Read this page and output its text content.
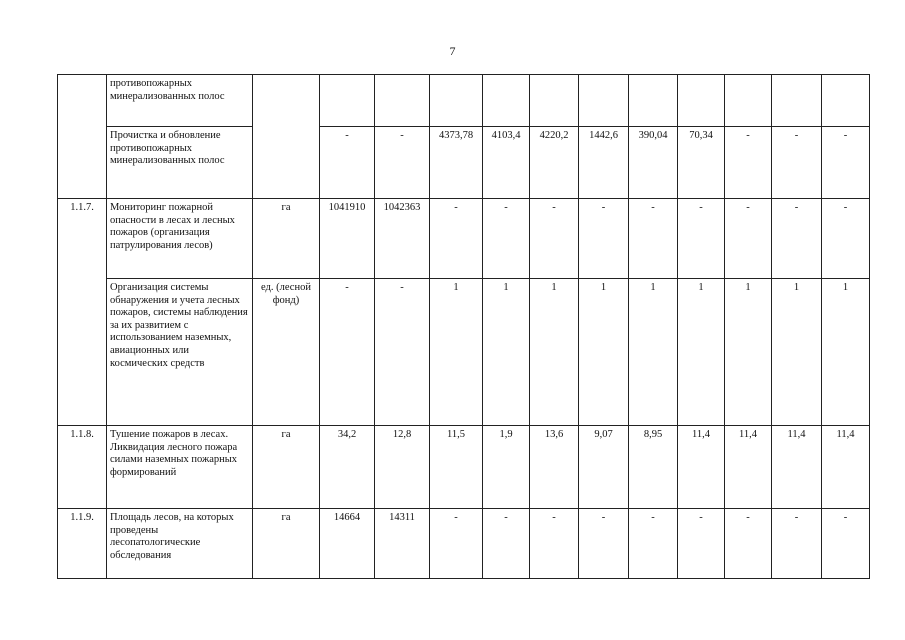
7
	противопожарных минерализованных полос												
	Прочистка и обновление противопожарных минерализованных полос		-	-	4373,78	4103,4	4220,2	1442,6	390,04	70,34	-	-	-
1.1.7.	Мониторинг пожарной опасности в лесах и лесных пожаров (организация патрулирования лесов)	га	1041910	1042363	-	-	-	-	-	-	-	-	-
	Организация системы обнаружения и учета лесных пожаров, системы наблюдения за их развитием с использованием наземных, авиационных или космических средств	ед. (лесной фонд)	-	-	1	1	1	1	1	1	1	1	1
1.1.8.	Тушение пожаров в лесах. Ликвидация лесного пожара силами наземных пожарных формирований	га	34,2	12,8	11,5	1,9	13,6	9,07	8,95	11,4	11,4	11,4	11,4
1.1.9.	Площадь лесов, на которых проведены лесопатологические обследования	га	14664	14311	-	-	-	-	-	-	-	-	-
